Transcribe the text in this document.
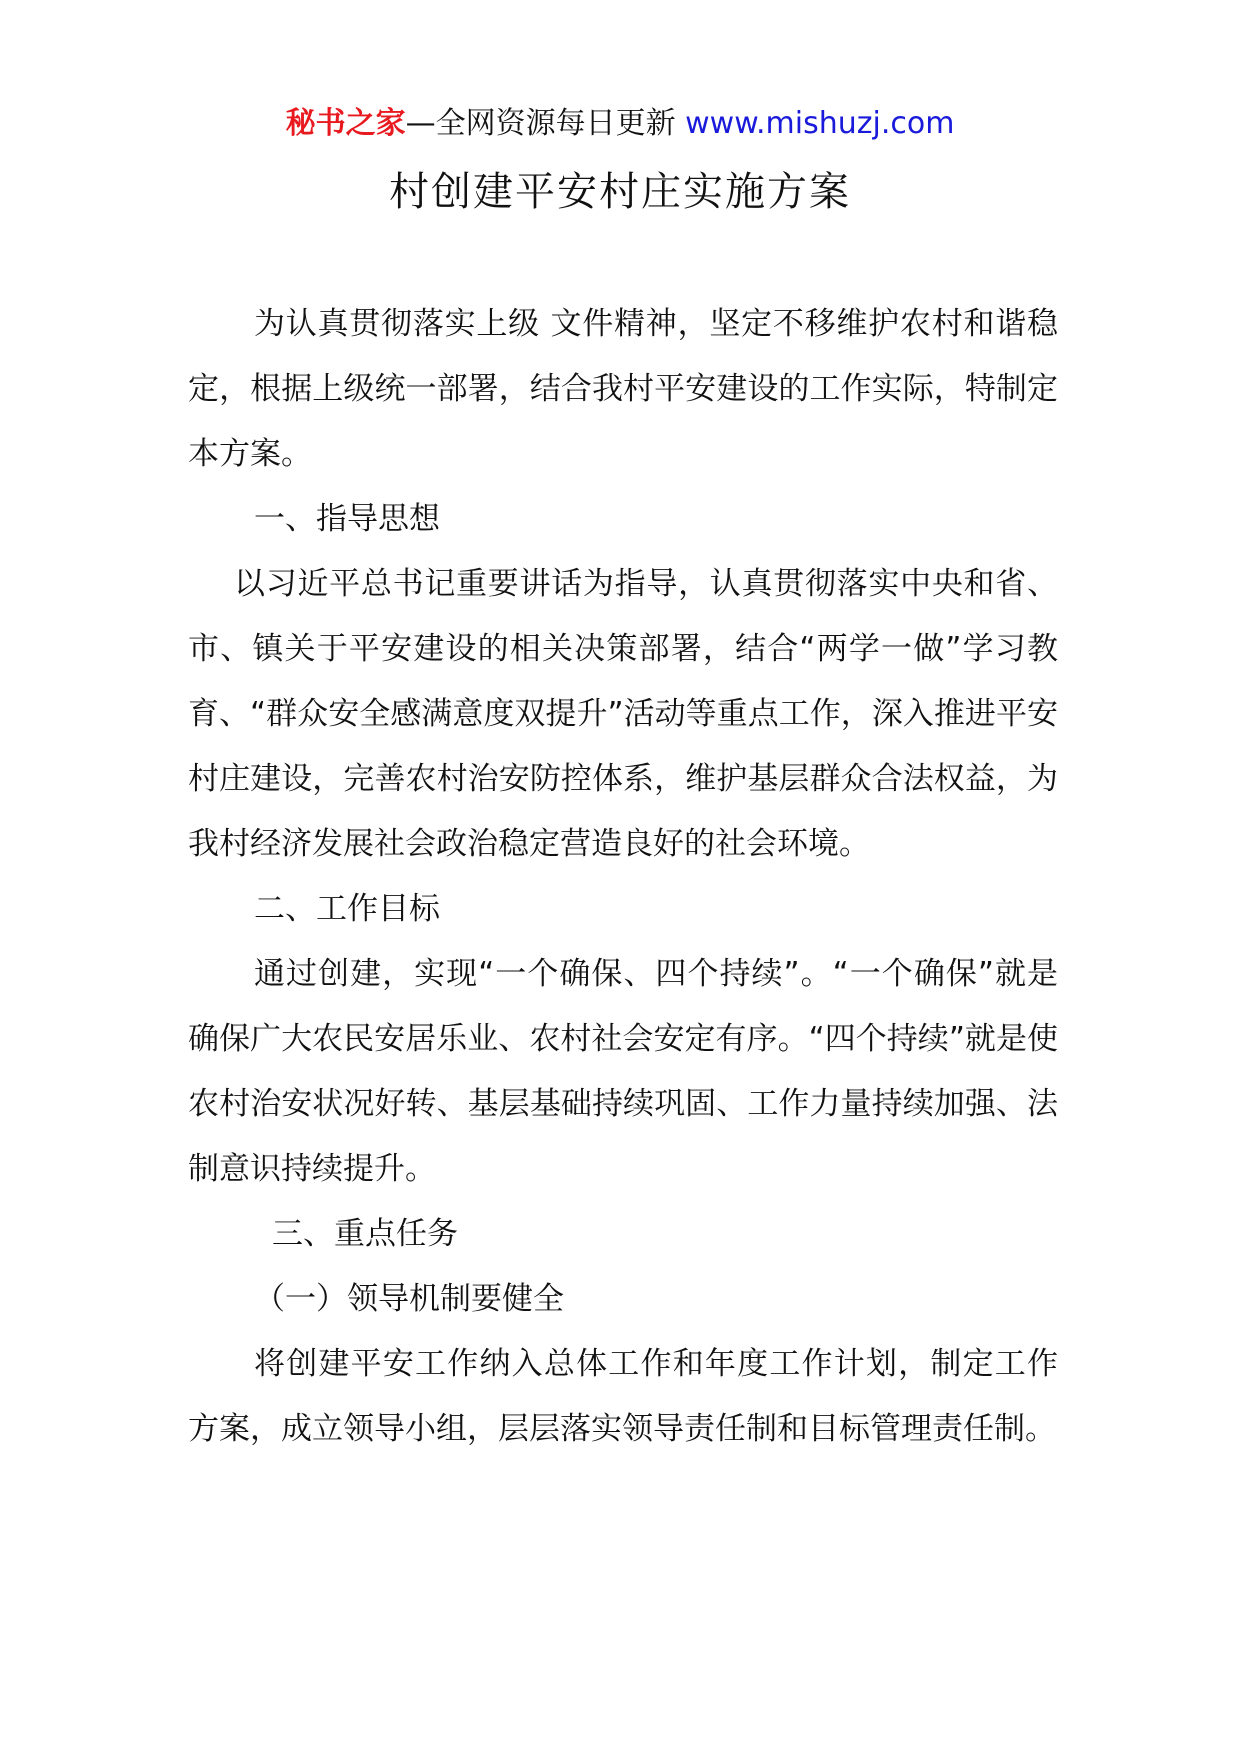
秘书之家—全网资源每日更新 www.mishuzj.com
村创建平安村庄实施方案

为认真贯彻落实上级 文件精神，坚定不移维护农村和谐稳定，根据上级统一部署，结合我村平安建设的工作实际，特制定本方案。

一、指导思想

以习近平总书记重要讲话为指导，认真贯彻落实中央和省、市、镇关于平安建设的相关决策部署，结合“两学一做”学习教育、“群众安全感满意度双提升”活动等重点工作，深入推进平安村庄建设，完善农村治安防控体系，维护基层群众合法权益，为我村经济发展社会政治稳定营造良好的社会环境。

二、工作目标

通过创建，实现“一个确保、四个持续”。“一个确保”就是确保广大农民安居乐业、农村社会安定有序。“四个持续”就是使农村治安状况好转、基层基础持续巩固、工作力量持续加强、法制意识持续提升。

三、重点任务

（一）领导机制要健全

将创建平安工作纳入总体工作和年度工作计划，制定工作方案，成立领导小组，层层落实领导责任制和目标管理责任制。
